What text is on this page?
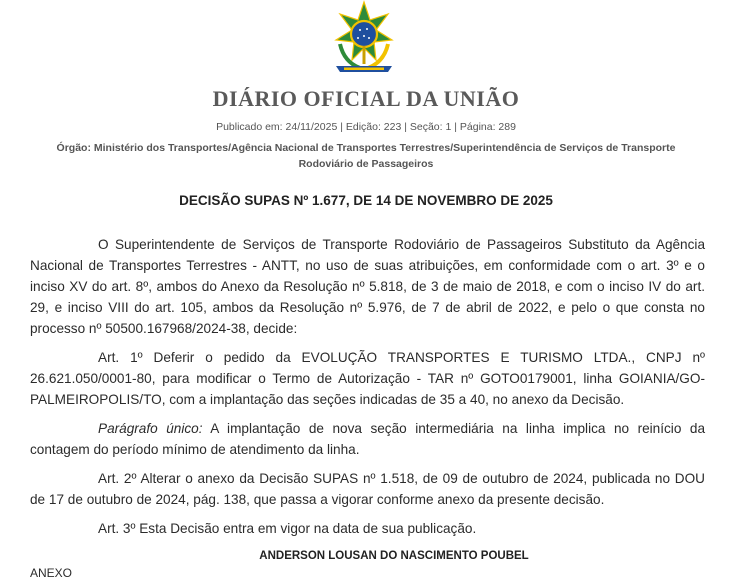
DIÁRIO OFICIAL DA UNIÃO
Publicado em: 24/11/2025 | Edição: 223 | Seção: 1 | Página: 289
Órgão: Ministério dos Transportes/Agência Nacional de Transportes Terrestres/Superintendência de Serviços de Transporte Rodoviário de Passageiros
DECISÃO SUPAS Nº 1.677, DE 14 DE NOVEMBRO DE 2025

O Superintendente de Serviços de Transporte Rodoviário de Passageiros Substituto da Agência Nacional de Transportes Terrestres - ANTT, no uso de suas atribuições, em conformidade com o art. 3º e o inciso XV do art. 8º, ambos do Anexo da Resolução nº 5.818, de 3 de maio de 2018, e com o inciso IV do art. 29, e inciso VIII do art. 105, ambos da Resolução nº 5.976, de 7 de abril de 2022, e pelo o que consta no processo nº 50500.167968/2024-38, decide:

Art. 1º Deferir o pedido da EVOLUÇÃO TRANSPORTES E TURISMO LTDA., CNPJ nº 26.621.050/0001-80, para modificar o Termo de Autorização - TAR nº GOTO0179001, linha GOIANIA/GO-PALMEIROPOLIS/TO, com a implantação das seções indicadas de 35 a 40, no anexo da Decisão.

Parágrafo único: A implantação de nova seção intermediária na linha implica no reinício da contagem do período mínimo de atendimento da linha.

Art. 2º Alterar o anexo da Decisão SUPAS nº 1.518, de 09 de outubro de 2024, publicada no DOU de 17 de outubro de 2024, pág. 138, que passa a vigorar conforme anexo da presente decisão.

Art. 3º Esta Decisão entra em vigor na data de sua publicação.

ANDERSON LOUSAN DO NASCIMENTO POUBEL
ANEXO
